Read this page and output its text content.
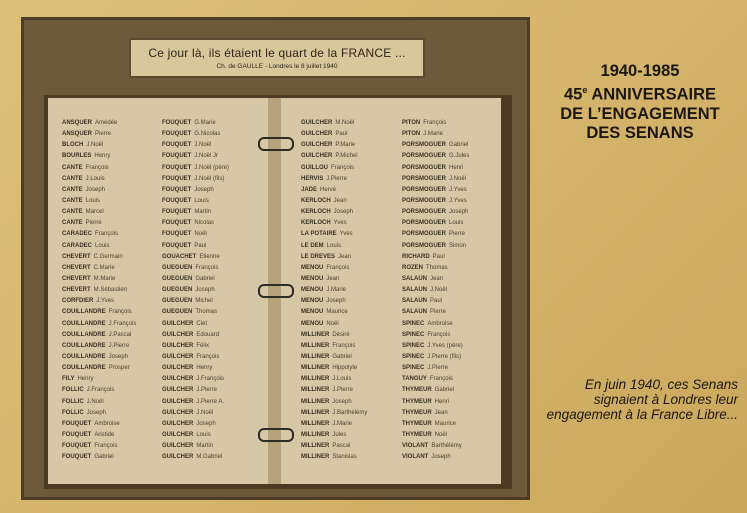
Ce jour là, ils étaient le quart de la FRANCE ...
Ch. de GAULLE - Londres le 8 juillet 1940
ANSQUER Amédée
ANSQUER Pierre
BLOCH J.Noël
BOURLES Henry
CANTE François
CANTE J.Louis
CANTE Joseph
CANTE Louis
CANTE Marcel
CANTE Pierre
CARADEC François
CARADEC Louis
CHEVERT C.Germain
CHEVERT C.Marie
CHEVERT M.Marie
CHEVERT M.Sébastien
CORFDIER J.Yves
COUILLANDRE François
COUILLANDRE J.François
COUILLANDRE J.Pascal
COUILLANDRE J.Pierre
COUILLANDRE Joseph
COUILLANDRE Prosper
FILY Henry
FOLLIC J.François
FOLLIC J.Noël
FOLLIC Joseph
FOUQUET Ambroise
FOUQUET Aristide
FOUQUET François
FOUQUET Gabriel
FOUQUET G.Marie
FOUQUET G.Nicolas
FOUQUET J.Noël
FOUQUET J.Noël Jr
FOUQUET J.Noël (père)
FOUQUET J.Noël (fils)
FOUQUET Joseph
FOUQUET Louis
FOUQUET Martin
FOUQUET Nicolas
FOUQUET Noël
FOUQUET Paul
GOUACHET Etienne
GUEGUEN François
GUEGUEN Gabriel
GUEGUEN Joseph
GUEGUEN Michel
GUEGUEN Thomas
GUILCHER Ciet
GUILCHER Edouard
GUILCHER Félix
GUILCHER François
GUILCHER Henry
GUILCHER J.François
GUILCHER J.Pierre
GUILCHER J.Pierre A.
GUILCHER J.Noël
GUILCHER Joseph
GUILCHER Louis
GUILCHER Martin
GUILCHER M.Gabriel
GUILCHER M.Noël
GUILCHER Paul
GUILCHER P.Marie
GUILCHER P.Michel
GUILLOU François
HERVIS J.Pierre
JADE Hervé
KERLOCH Jean
KERLOCH Joseph
KERLOCH Yves
LA POTAIRE Yves
LE DEM Louis
LE DREVES Jean
MENOU François
MENOU Jean
MENOU J.Marie
MENOU Joseph
MENOU Maurice
MENOU Noël
MILLINER Désiré
MILLINER François
MILLINER Gabriel
MILLINER Hippolyte
MILLINER J.Louis
MILLINER J.Pierre
MILLINER Joseph
MILLINER J.Barthélémy
MILLINER J.Marie
MILLINER Jules
MILLINER Pascal
MILLINER Stanislas
PITON François
PITON J.Marie
PORSMOGUER Gabriel
PORSMOGUER G.Jules
PORSMOGUER Henri
PORSMOGUER J.Noël
PORSMOGUER J.Yves
PORSMOGUER J.Yves
PORSMOGUER Joseph
PORSMOGUER Louis
PORSMOGUER Pierre
PORSMOGUER Simon
RICHARD Paul
ROZEN Thomas
SALAUN Jean
SALAUN J.Noël
SALAUN Paul
SALAUN Pierre
SPINEC Ambroise
SPINEC François
SPINEC J.Yves (père)
SPINEC J.Pierre (fils)
SPINEC J.Pierre
TANGUY François
THYMEUR Gabriel
THYMEUR Henri
THYMEUR Jean
THYMEUR Maurice
THYMEUR Noël
VIOLANT Barthélémy
VIOLANT Joseph
1940-1985
45e ANNIVERSAIRE
DE L’ENGAGEMENT
DES SENANS
En juin 1940, ces Senans signaient à Londres leur engagement à la France Libre...
